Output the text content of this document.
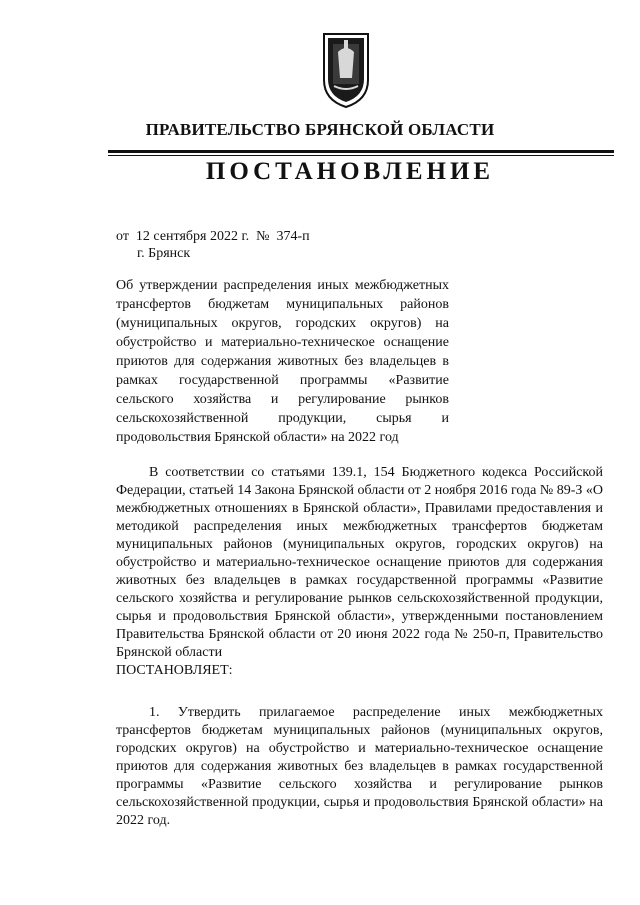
ПРАВИТЕЛЬСТВО БРЯНСКОЙ ОБЛАСТИ
ПОСТАНОВЛЕНИЕ
от  12 сентября 2022 г.  №  374-п
г. Брянск

Об утверждении распределения иных межбюджетных трансфертов бюджетам муниципальных районов (муниципальных округов, городских округов) на обустройство и материально-техническое оснащение приютов для содержания животных без владельцев в рамках государственной программы «Развитие сельского хозяйства и регулирование рынков сельскохозяйственной продукции, сырья и продовольствия Брянской области» на 2022 год

В соответствии со статьями 139.1, 154 Бюджетного кодекса Российской Федерации, статьей 14 Закона Брянской области от 2 ноября 2016 года № 89-З «О межбюджетных отношениях в Брянской области», Правилами предоставления и методикой распределения иных межбюджетных трансфертов бюджетам муниципальных районов (муниципальных округов, городских округов) на обустройство и материально-техническое оснащение приютов для содержания животных без владельцев в рамках государственной программы «Развитие сельского хозяйства и регулирование рынков сельскохозяйственной продукции, сырья и продовольствия Брянской области», утвержденными постановлением Правительства Брянской области от 20 июня 2022 года № 250-п, Правительство Брянской области

ПОСТАНОВЛЯЕТ:

1. Утвердить прилагаемое распределение иных межбюджетных трансфертов бюджетам муниципальных районов (муниципальных округов, городских округов) на обустройство и материально-техническое оснащение приютов для содержания животных без владельцев в рамках государственной программы «Развитие сельского хозяйства и регулирование рынков сельскохозяйственной продукции, сырья и продовольствия Брянской области» на 2022 год.
